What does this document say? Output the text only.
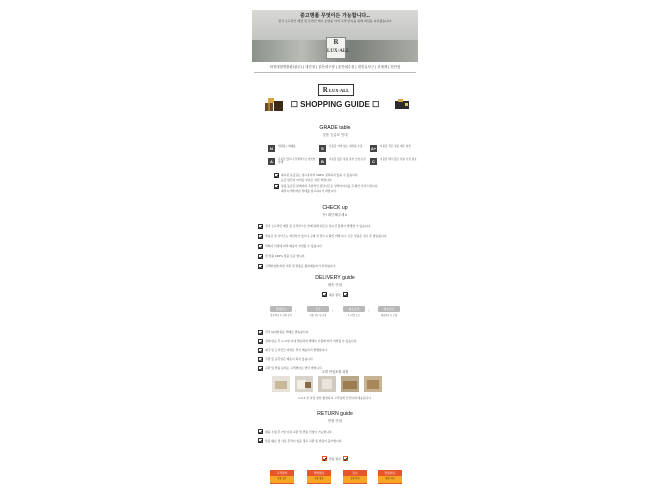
중고명품 무엇이든 가능합니다..
전국 오프라인 매장 및 온라인 매시 운영중 이며 고객 만족을 위해 최선을 다하겠습니다.
R
LUX·ALL
화정대형명품판(광주) | 대전점 | 울산대구점 | 울산매수점 | 대전유성구 | 신세계 | 천안점
R LUX·ALL
☐ SHOPPING GUIDE ☐
GRADE table
상품 등급표 안내
N	새상품 / 새제품	S	사용감 거의 없는 새상품 수준	A+	사용감 적은 상품 매우 양호
A	사용감 있으나 전체적으로 양호한 상태	B	사용감 많은 상품 일부 오염 손상	C	사용감 매우 많은 상품 수선 필요
제시된 등급표는 참고용이며 100% 일치하지 않을 수 있습니다.
등급 판단이 어려운 부분은 상담 바랍니다.
상품 등급은 판매자의 주관적인 판단이므로 상세이미지를 꼭 확인 부탁드립니다.
제작시기에 따른 상태를 참고하시기 바랍니다.
CHECK up
꼭! 확인해주세요
전국 오프라인 매장 및 온라인으로 함께 판매 되므로 실시간 품절이 발생할 수 있습니다.
착용감 및 사이즈는 개인차가 있으니 구매 전 반드시 확인 바랍니다. 모든 상품은 검수 후 발송됩니다.
택배사 사정에 따라 배송이 지연될 수 있습니다.
전 상품 100% 정품 보증 합니다.
고객변심에 의한 교환 및 반품은 왕복배송비가 부과됩니다.
DELIVERY guide
배송 안내
배송 절차
결제완료
결제 확인 후 상품 준비
›	검수
상품 검수 및 포장
›	배송준비
1~2일 소요
›	배송완료
배송완료 후 수령
전국 CJ대한통운 택배로 발송됩니다.
결제 완료 후 1~2일 이내 발송되며 택배사 사정에 따라 지연될 수 있습니다.
제주 및 도서산간 지역은 추가 배송비가 발생합니다.
주말 및 공휴일은 배송이 되지 않습니다.
교환 및 반품 문의는 고객센터로 연락 바랍니다.
고객 안심포장 과정
1.2.3 전 과정 영상 촬영하여 고객님께 안전하게 배송됩니다.
RETURN guide
반품 안내
제품 수령 후 7일 이내 교환 및 반품 신청이 가능합니다.
상품 훼손 및 사용 흔적이 있을 경우 교환 및 반품이 불가합니다.
반품 절차
고객센터
반품 접수
택배발송
상품 발송
검수
상품 확인
반품완료
환불 처리
